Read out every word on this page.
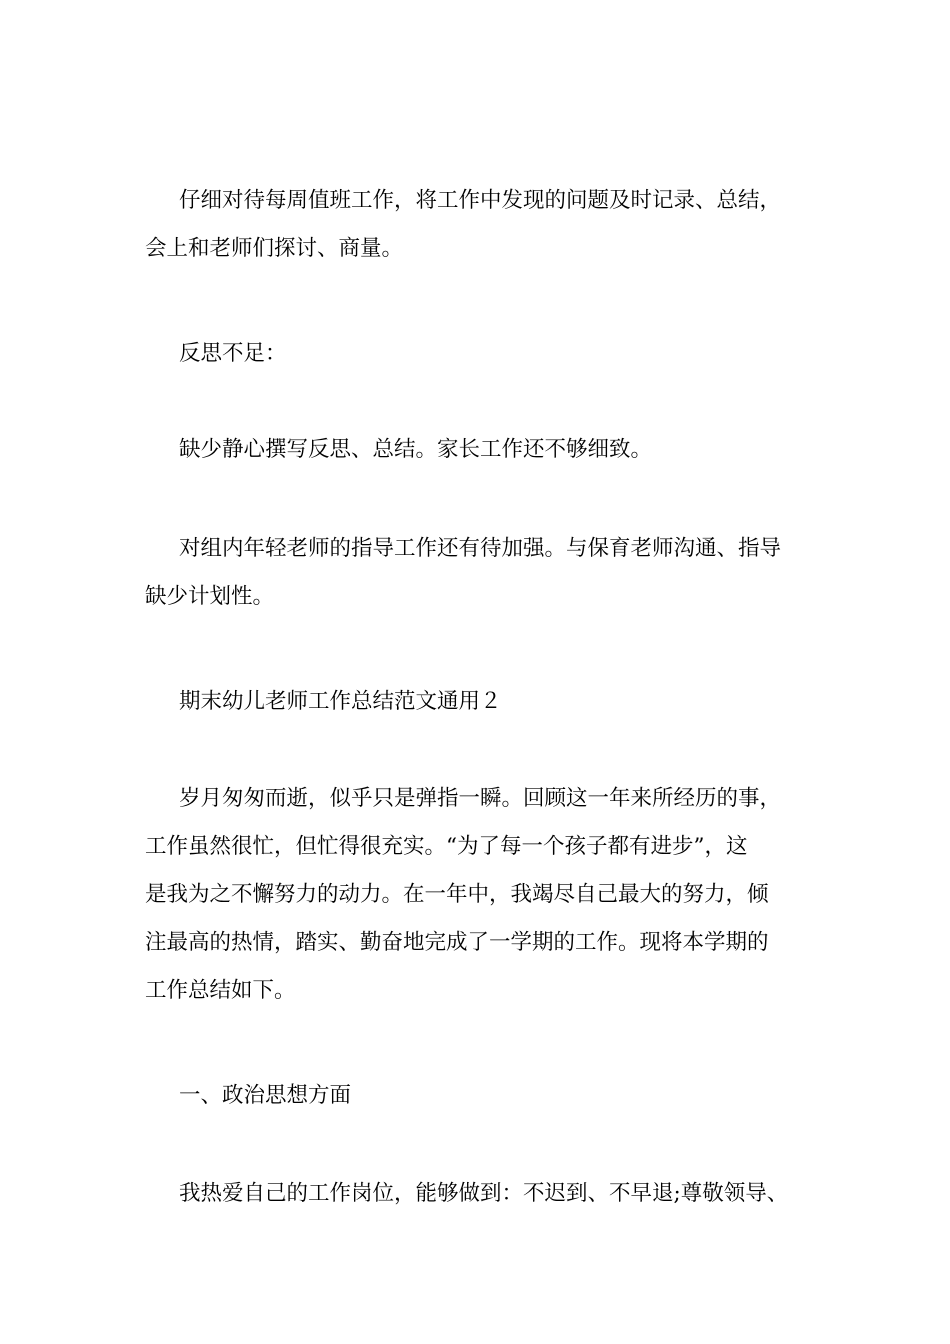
仔细对待每周值班工作，将工作中发现的问题及时记录、总结，
会上和老师们探讨、商量。
反思不足：
缺少静心撰写反思、总结。家长工作还不够细致。
对组内年轻老师的指导工作还有待加强。与保育老师沟通、指导
缺少计划性。
期末幼儿老师工作总结范文通用２
岁月匆匆而逝，似乎只是弹指一瞬。回顾这一年来所经历的事，
工作虽然很忙，但忙得很充实。“为了每一个孩子都有进步”，这
是我为之不懈努力的动力。在一年中，我竭尽自己最大的努力，倾
注最高的热情，踏实、勤奋地完成了一学期的工作。现将本学期的
工作总结如下。
一、政治思想方面
我热爱自己的工作岗位，能够做到：不迟到、不早退;尊敬领导、
